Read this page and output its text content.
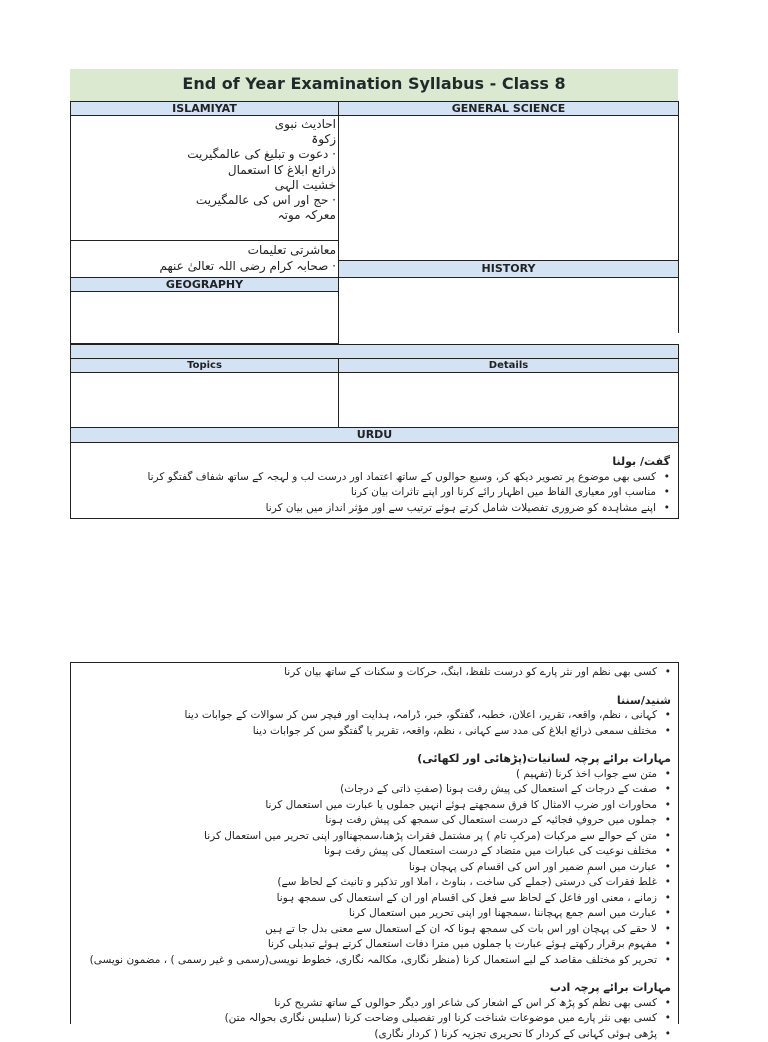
End of Year Examination Syllabus - Class 8
ISLAMIYAT	GENERAL SCIENCE
احادیث نبوی
زکوۃ
· دعوت و تبلیغ کی عالمگیریت
ذرائع ابلاغ کا استعمال
خشیت الہی
· حج اور اس کی عالمگیریت
معرکہ موتہ
معاشرتی تعلیمات
· صحابہ کرام رضی اللہ تعالیٰ عنھم	HISTORY
GEOGRAPHY
Topics	Details
URDU
گفت/ بولنا
• کسی بھی موضوع پر تصویر دیکھ کر، وسیع حوالوں کے ساتھ اعتماد اور درست لب و لہجہ کے ساتھ شفاف گفتگو کرنا
• مناسب اور معیاری الفاظ میں اظہار رائے کرنا اور اپنے تاثرات بیان کرنا
• اپنے مشاہدہ کو ضروری تفصیلات شامل کرتے ہوئے ترتیب سے اور مؤثر انداز میں بیان کرنا
• کسی بھی نظم اور نثر پارے کو درست تلفظ، ابنگ، حرکات و سکنات کے ساتھ بیان کرنا
شنید/سننا
• کہانی ، نظم، واقعہ، تقریر، اعلان، خطبہ، گفتگو، خبر، ڈرامہ، ہدایت اور فیچر سن کر سوالات کے جوابات دینا
• مختلف سمعی ذرائع ابلاغ کی مدد سے کہانی ، نظم، واقعہ، تقریر یا گفتگو سن کر جوابات دینا
مہارات برائے پرچہ لسانیات(پڑھائی اور لکھائی)
• متن سے جواب اخذ کرنا (تفہیم )
• صفت کے درجات کے استعمال کی پیش رفت ہونا (صفتِ ذاتی کے درجات)
• محاورات اور ضرب الامثال کا فرق سمجھتے ہوئے انہیں جملوں یا عبارت میں استعمال کرنا
• جملوں میں حروفِ فجائیہ کے درست استعمال کی سمجھ کی پیش رفت ہونا
• متن کے حوالے سے مرکبات (مرکبِ تام ) پر مشتمل فقرات پڑھنا،سمجھنااور اپنی تحریر میں استعمال کرنا
• مختلف نوعیت کی عبارات میں متضاد کے درست استعمال کی پیش رفت ہونا
• عبارت میں اسمِ ضمیر اور اس کی اقسام کی پہچان ہونا
• غلط فقرات کی درستی (جملے کی ساخت ، بناوٹ ، املا اور تذکیر و تانیث کے لحاظ سے)
• زمانے ، معنی اور فاعل کے لحاظ سے فعل کی اقسام اور ان کے استعمال کی سمجھ ہونا
• عبارت میں اسم جمع پہچاننا ،سمجھنا اور اپنی تحریر میں استعمال کرنا
• لا حقے کی پہچان اور اس بات کی سمجھ ہونا کہ ان کے استعمال سے معنی بدل جا تے ہیں
• مفہوم برقرار رکھتے ہوئے عبارت یا جملوں میں مترا دفات استعمال کرتے ہوئے تبدیلی کرنا
• تحریر کو مختلف مقاصد کے لیے استعمال کرنا (منظر نگاری، مکالمہ نگاری، خطوط نویسی(رسمی و غیر رسمی ) ، مضمون نویسی)
مہارات برائے پرچہ ادب
• کسی بھی نظم کو پڑھ کر اس کے اشعار کی شاعر اور دیگر حوالوں کے ساتھ تشریح کرنا
• کسی بھی نثر پارے میں موضوعات شناخت کرنا اور تفصیلی وضاحت کرنا (سلیس نگاری بحوالہ متن)
• پڑھی ہوئی کہانی کے کردار کا تحریری تجزیہ کرنا ( کردار نگاری)
